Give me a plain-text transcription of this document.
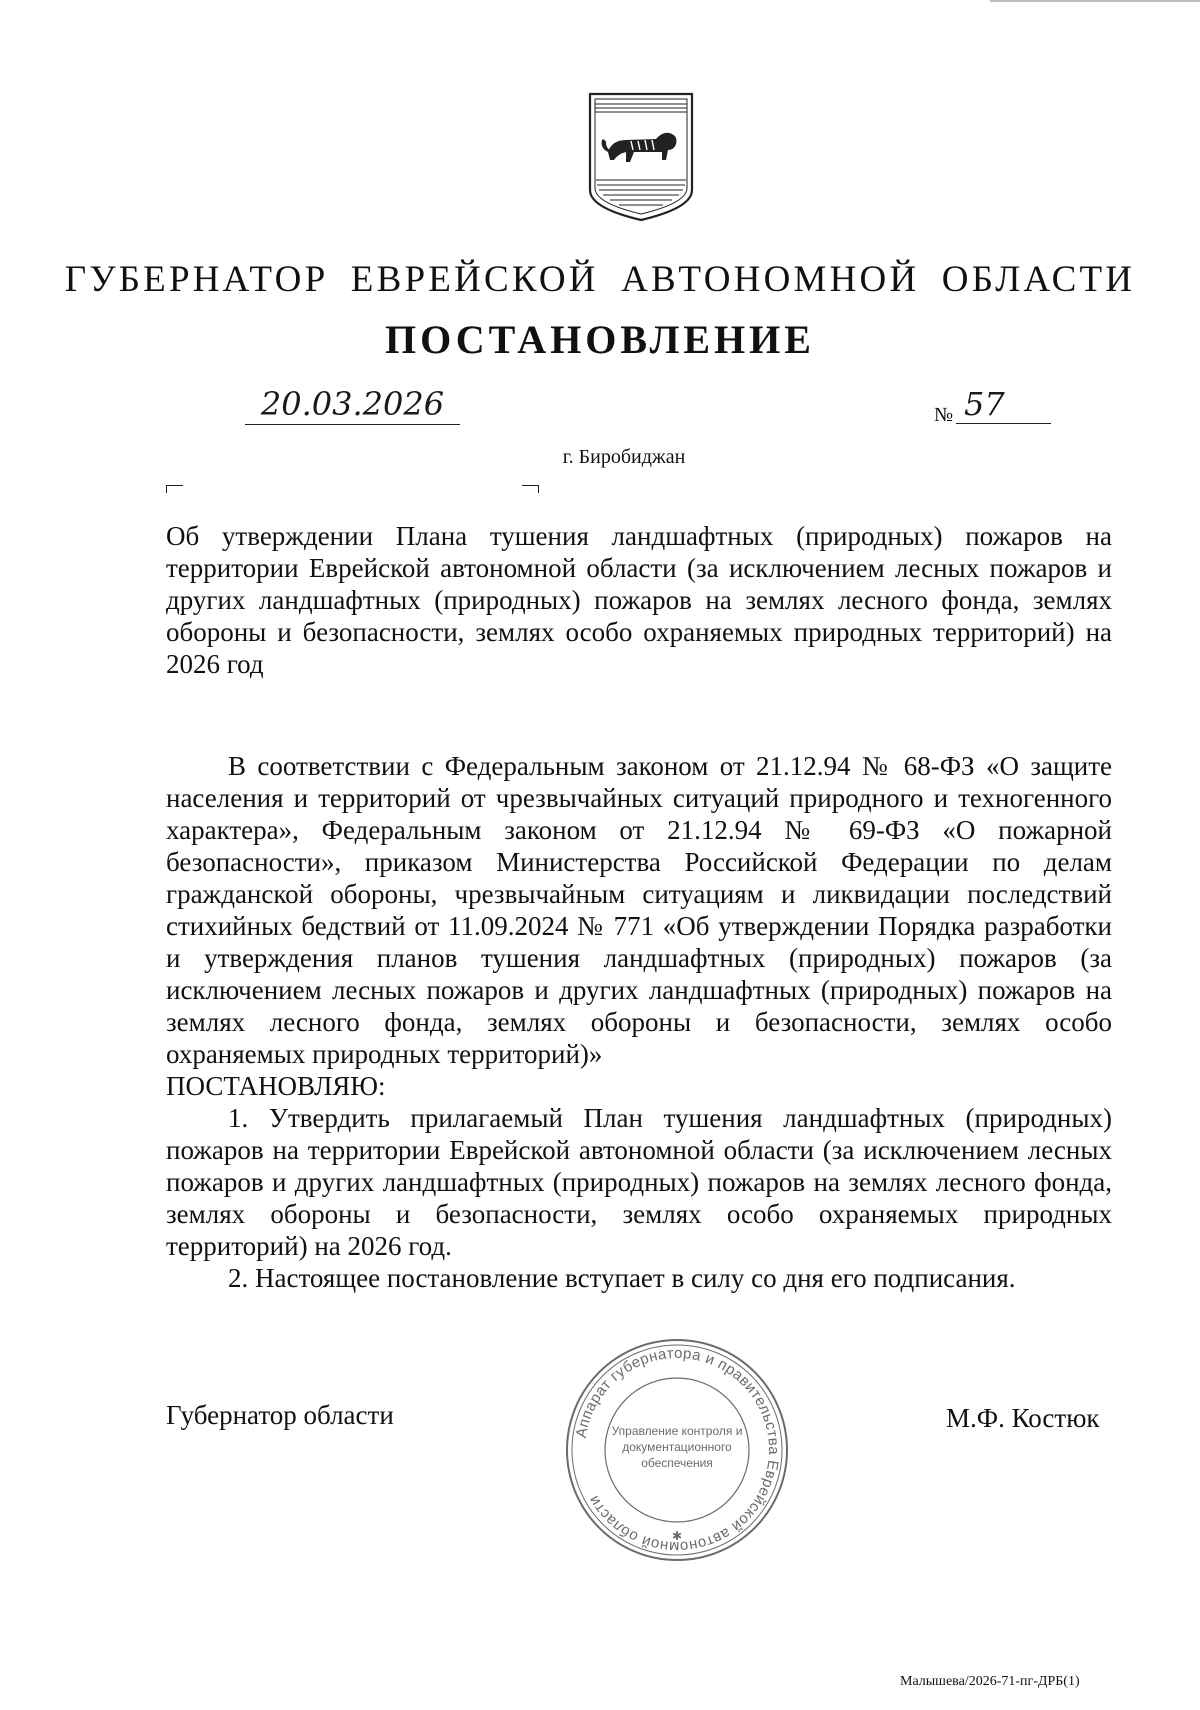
ГУБЕРНАТОР ЕВРЕЙСКОЙ АВТОНОМНОЙ ОБЛАСТИ
ПОСТАНОВЛЕНИЕ
20.03.2026	№ 57
г. Биробиджан
Об утверждении Плана тушения ландшафтных (природных) пожаров на территории Еврейской автономной области (за исключением лесных пожаров и других ландшафтных (природных) пожаров на землях лесного фонда, землях обороны и безопасности, землях особо охраняемых природных территорий) на 2026 год

В соответствии с Федеральным законом от 21.12.94 № 68-ФЗ «О защите населения и территорий от чрезвычайных ситуаций природного и техногенного характера», Федеральным законом от 21.12.94 № 69-ФЗ «О пожарной безопасности», приказом Министерства Российской Федерации по делам гражданской обороны, чрезвычайным ситуациям и ликвидации последствий стихийных бедствий от 11.09.2024 № 771 «Об утверждении Порядка разработки и утверждения планов тушения ландшафтных (природных) пожаров (за исключением лесных пожаров и других ландшафтных (природных) пожаров на землях лесного фонда, землях обороны и безопасности, землях особо охраняемых природных территорий)»

ПОСТАНОВЛЯЮ:

1. Утвердить прилагаемый План тушения ландшафтных (природных) пожаров на территории Еврейской автономной области (за исключением лесных пожаров и других ландшафтных (природных) пожаров на землях лесного фонда, землях обороны и безопасности, землях особо охраняемых природных территорий) на 2026 год.

2. Настоящее постановление вступает в силу со дня его подписания.

Губернатор области	М.Ф. Костюк
Аппарат губернатора и правительства Еврейской автономной области
Управление контроля и
документационного
обеспечения
✱
Малышева/2026-71-пг-ДРБ(1)
